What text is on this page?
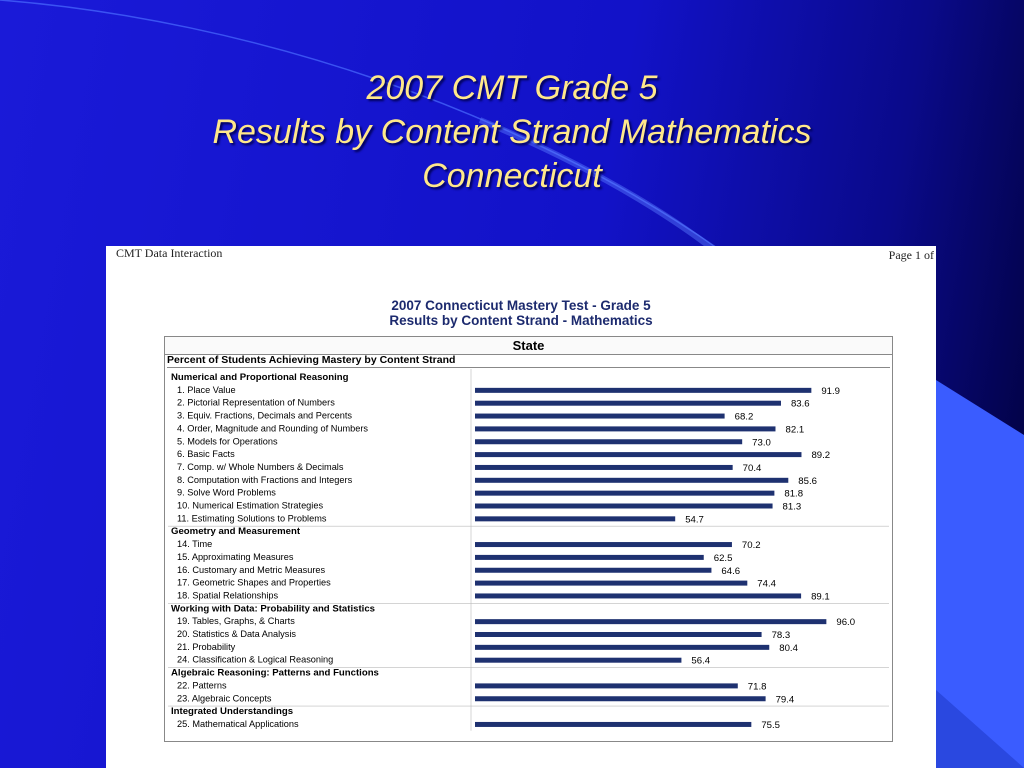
2007 CMT Grade 5
Results by Content Strand Mathematics
Connecticut
CMT Data Interaction	Page 1 of
2007 Connecticut Mastery Test - Grade 5
Results by Content Strand - Mathematics
State
Percent of Students Achieving Mastery by Content Strand
Numerical and Proportional Reasoning
1. Place Value	91.9
2. Pictorial Representation of Numbers	83.6
3. Equiv. Fractions, Decimals and Percents	68.2
4. Order, Magnitude and Rounding of Numbers	82.1
5. Models for Operations	73.0
6. Basic Facts	89.2
7. Comp. w/ Whole Numbers & Decimals	70.4
8. Computation with Fractions and Integers	85.6
9. Solve Word Problems	81.8
10. Numerical Estimation Strategies	81.3
11. Estimating Solutions to Problems	54.7
Geometry and Measurement
14. Time	70.2
15. Approximating Measures	62.5
16. Customary and Metric Measures	64.6
17. Geometric Shapes and Properties	74.4
18. Spatial Relationships	89.1
Working with Data: Probability and Statistics
19. Tables, Graphs, & Charts	96.0
20. Statistics & Data Analysis	78.3
21. Probability	80.4
24. Classification & Logical Reasoning	56.4
Algebraic Reasoning: Patterns and Functions
22. Patterns	71.8
23. Algebraic Concepts	79.4
Integrated Understandings
25. Mathematical Applications	75.5
